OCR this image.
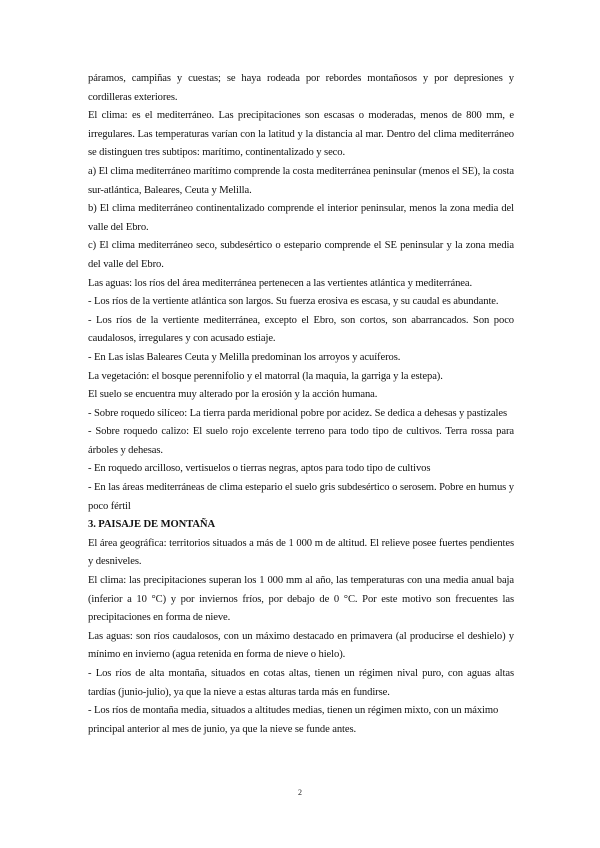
páramos, campiñas y cuestas; se haya rodeada por rebordes montañosos y por depresiones y cordilleras exteriores.

El clima: es el mediterráneo. Las precipitaciones son escasas o moderadas, menos de 800 mm, e irregulares. Las temperaturas varían con la latitud y la distancia al mar. Dentro del clima mediterráneo se distinguen tres subtipos: marítimo, continentalizado y seco.

a) El clima mediterráneo marítimo comprende la costa mediterránea peninsular (menos el SE), la costa sur-atlántica, Baleares, Ceuta y Melilla.

b) El clima mediterráneo continentalizado comprende el interior peninsular, menos la zona media del valle del Ebro.

c) El clima mediterráneo seco, subdesértico o estepario comprende el SE peninsular y la zona media del valle del Ebro.

Las aguas: los ríos del área mediterránea pertenecen a las vertientes atlántica y mediterránea.

- Los ríos de la vertiente atlántica son largos. Su fuerza erosiva es escasa, y su caudal es abundante.

- Los ríos de la vertiente mediterránea, excepto el Ebro, son cortos, son abarrancados. Son poco caudalosos, irregulares y con acusado estiaje.

- En Las islas Baleares Ceuta y Melilla predominan los arroyos y acuíferos.

La vegetación: el bosque perennifolio y el matorral (la maquia, la garriga y la estepa).

El suelo se encuentra muy alterado por la erosión y la acción humana.

- Sobre roquedo silíceo: La tierra parda meridional pobre por acidez. Se dedica a dehesas y pastizales

- Sobre roquedo calizo: El suelo rojo excelente terreno para todo tipo de cultivos. Terra rossa para árboles y dehesas.

- En roquedo arcilloso, vertisuelos o tierras negras, aptos para todo tipo de cultivos

- En las áreas mediterráneas de clima estepario el suelo gris subdesértico o serosem. Pobre en humus y poco fértil

3. PAISAJE DE MONTAÑA

El área geográfica: territorios situados a más de 1 000 m de altitud. El relieve posee fuertes pendientes y desniveles.

El clima: las precipitaciones superan los 1 000 mm al año, las temperaturas con una media anual baja (inferior a 10 °C) y por inviernos fríos, por debajo de 0 °C. Por este motivo son frecuentes las precipitaciones en forma de nieve.

Las aguas: son ríos caudalosos, con un máximo destacado en primavera (al producirse el deshielo) y mínimo en invierno (agua retenida en forma de nieve o hielo).

- Los ríos de alta montaña, situados en cotas altas, tienen un régimen nival puro, con aguas altas tardías (junio-julio), ya que la nieve a estas alturas tarda más en fundirse.

- Los ríos de montaña media, situados a altitudes medias, tienen un régimen mixto, con un máximo principal anterior al mes de junio, ya que la nieve se funde antes.

2
